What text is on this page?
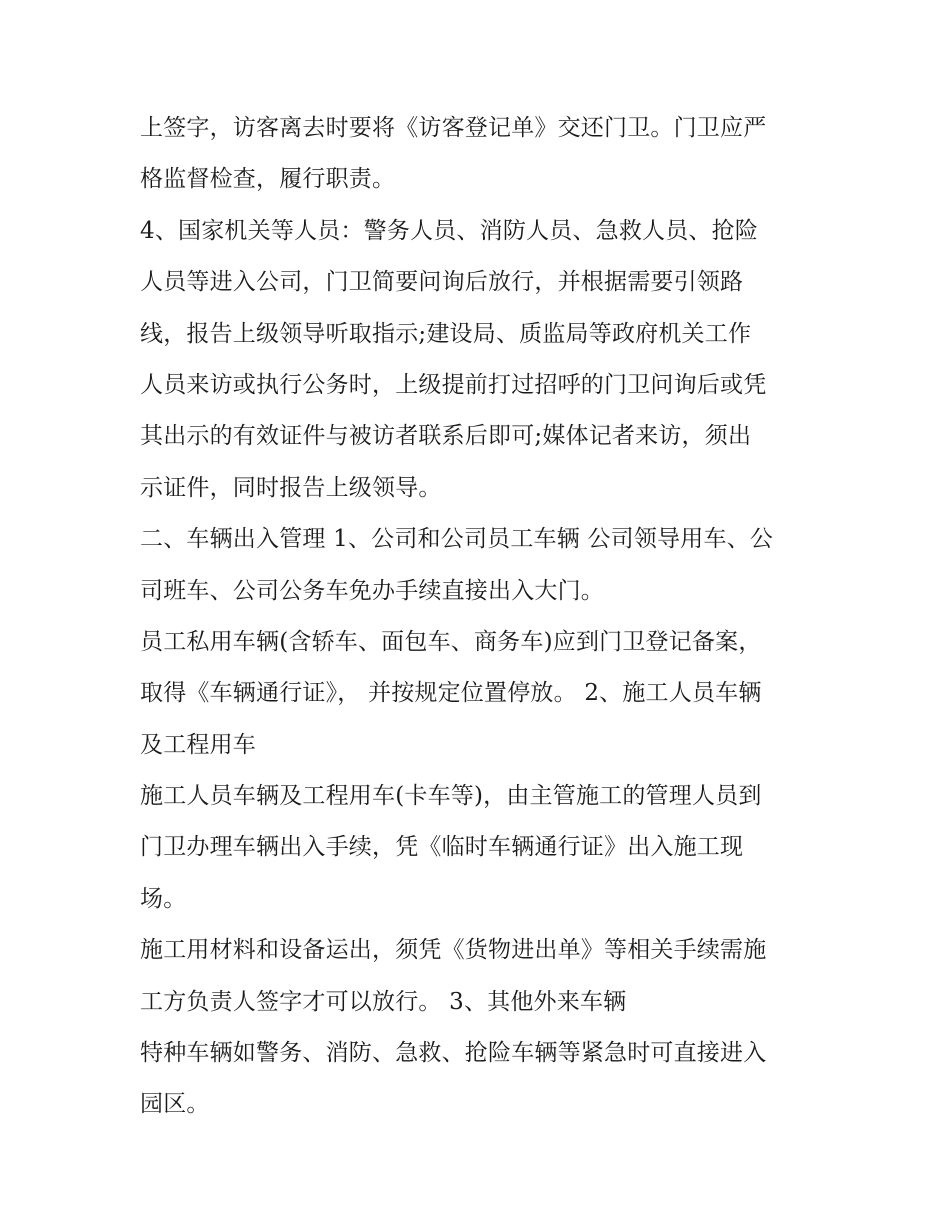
上签字，访客离去时要将《访客登记单》交还门卫。门卫应严
格监督检查，履行职责。
4、国家机关等人员：警务人员、消防人员、急救人员、抢险
人员等进入公司，门卫简要问询后放行，并根据需要引领路
线，报告上级领导听取指示;建设局、质监局等政府机关工作
人员来访或执行公务时，上级提前打过招呼的门卫问询后或凭
其出示的有效证件与被访者联系后即可;媒体记者来访，须出
示证件，同时报告上级领导。
二、车辆出入管理 1、公司和公司员工车辆 公司领导用车、公
司班车、公司公务车免办手续直接出入大门。
员工私用车辆(含轿车、面包车、商务车)应到门卫登记备案，
取得《车辆通行证》， 并按规定位置停放。 2、施工人员车辆
及工程用车
施工人员车辆及工程用车(卡车等)，由主管施工的管理人员到
门卫办理车辆出入手续，凭《临时车辆通行证》出入施工现
场。
施工用材料和设备运出，须凭《货物进出单》等相关手续需施
工方负责人签字才可以放行。 3、其他外来车辆
特种车辆如警务、消防、急救、抢险车辆等紧急时可直接进入
园区。
